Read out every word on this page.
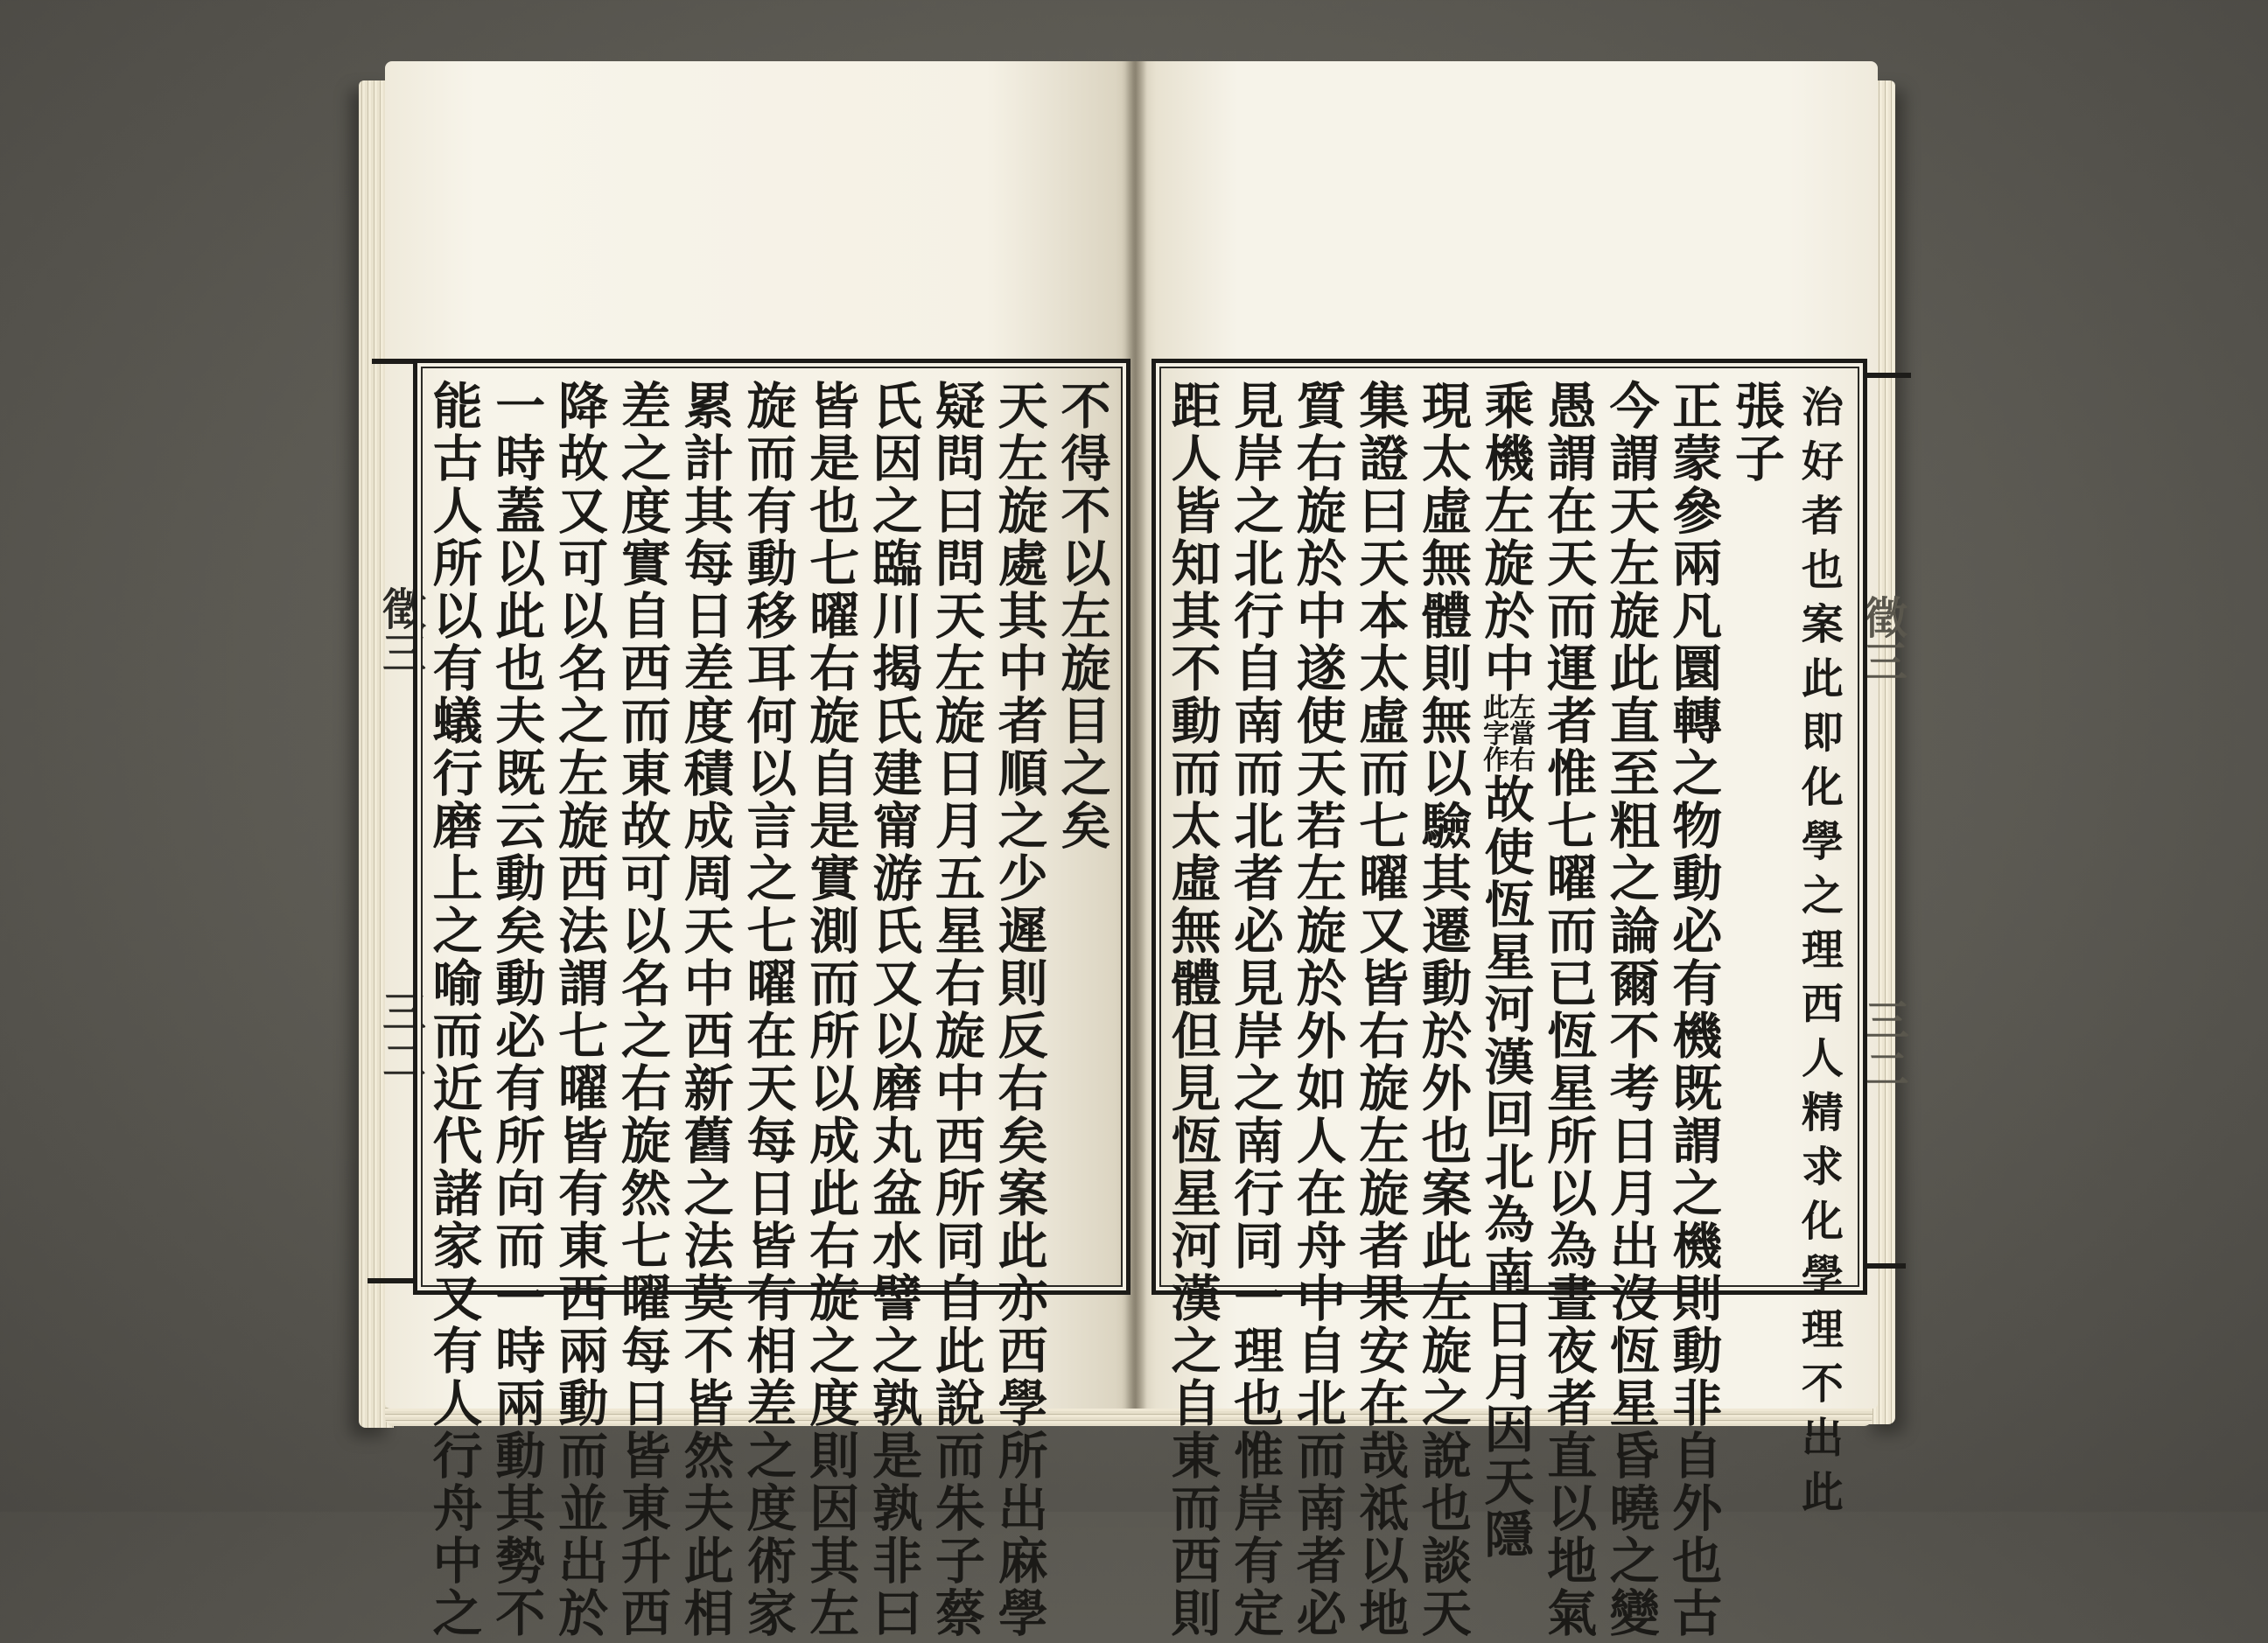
徵三
三二
徵三
三二
不得不以左旋目之矣
天左旋處其中者順之少遲則反右矣案此亦西學所出麻學
疑問曰問天左旋日月五星右旋中西所同自此說而朱子蔡
氏因之臨川揭氏建甯游氏又以磨丸盆水譬之孰是孰非曰
皆是也七曜右旋自是實測而所以成此右旋之度則因其左
旋而有動移耳何以言之七曜在天每日皆有相差之度術家
累計其每日差度積成周天中西新舊之法莫不皆然夫此相
差之度實自西而東故可以名之右旋然七曜每日皆東升西
降故又可以名之左旋西法謂七曜皆有東西兩動而並出於
一時蓋以此也夫既云動矣動必有所向而一時兩動其勢不
能古人所以有蟻行磨上之喻而近代諸家又有人行舟中之
治好者也案此即化學之理西人精求化學理不出此
張子
正蒙參兩凡圜轉之物動必有機既謂之機則動非自外也古
今謂天左旋此直至粗之論爾不考日月出沒恆星昏曉之變
愚謂在天而運者惟七曜而已恆星所以為晝夜者直以地氣
乘機左旋於中
此左字當作右
故使恆星河漢回北為南日月因天隱
現太虛無體則無以驗其遷動於外也案此左旋之說也談天
集證曰天本太虛而七曜又皆右旋左旋者果安在哉祗以地
質右旋於中遂使天若左旋於外如人在舟中自北而南者必
見岸之北行自南而北者必見岸之南行同一理也惟岸有定
距人皆知其不動而太虛無體但見恆星河漢之自東而西則
